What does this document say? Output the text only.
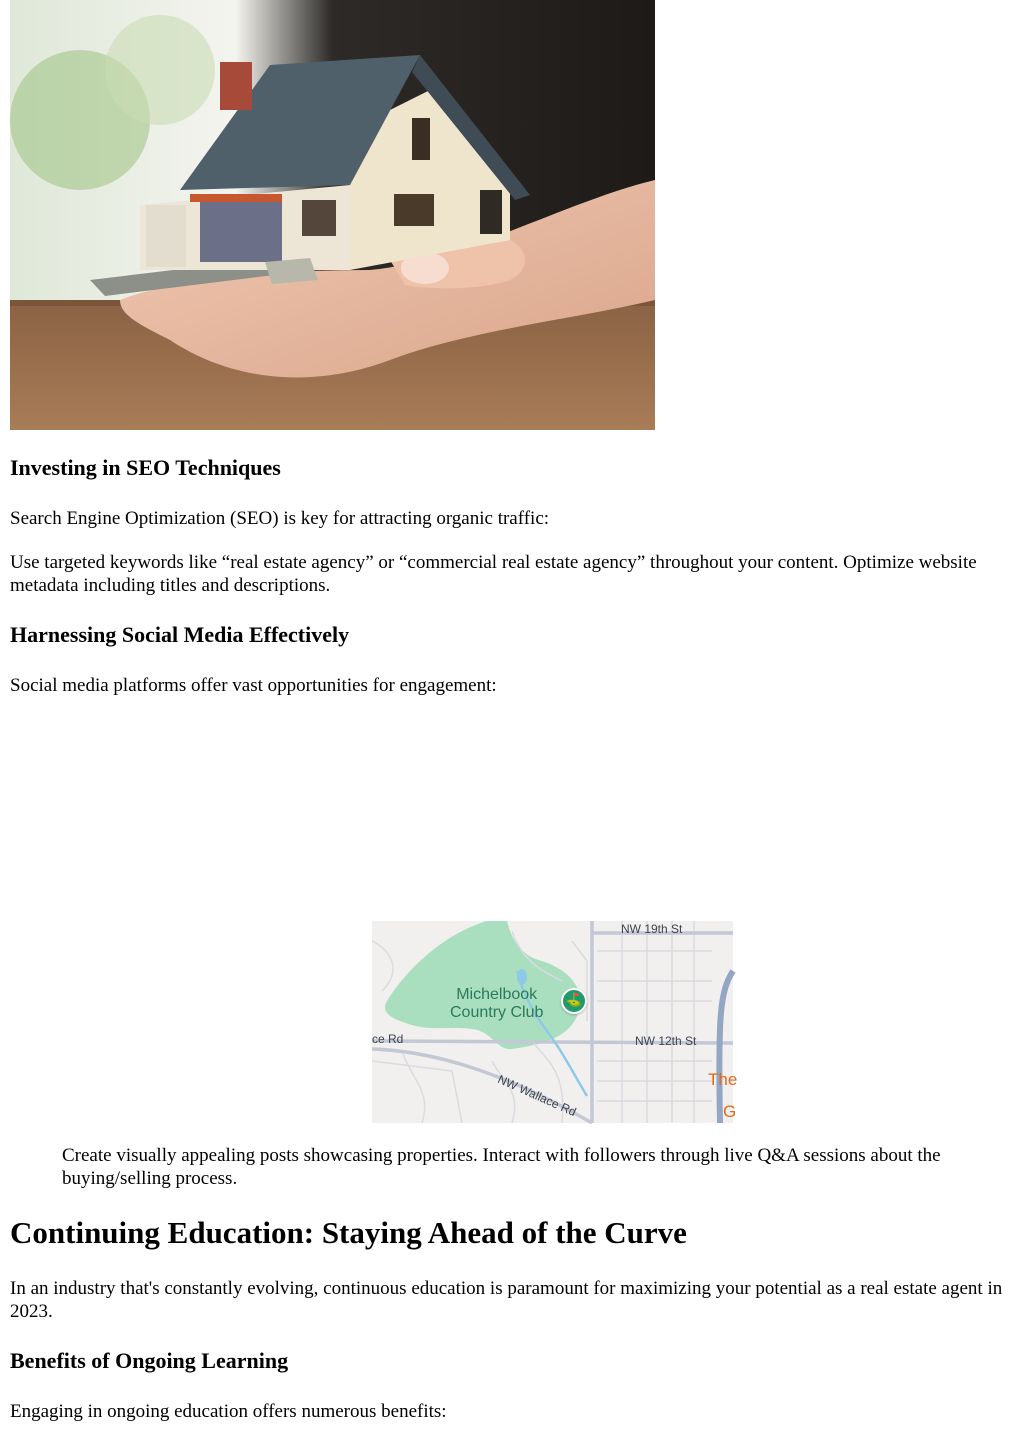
Investing in SEO Techniques

Search Engine Optimization (SEO) is key for attracting organic traffic:

Use targeted keywords like “real estate agency” or “commercial real estate agency” throughout your content. Optimize website metadata including titles and descriptions.

Harnessing Social Media Effectively

Social media platforms offer vast opportunities for engagement:

Michelbook
Country Club
⛳
NW 19th St
NW 12th St
ce Rd
NW Wallace Rd	The
G

Create visually appealing posts showcasing properties. Interact with followers through live Q&A sessions about the buying/selling process.

Continuing Education: Staying Ahead of the Curve

In an industry that's constantly evolving, continuous education is paramount for maximizing your potential as a real estate agent in 2023.

Benefits of Ongoing Learning

Engaging in ongoing education offers numerous benefits:
